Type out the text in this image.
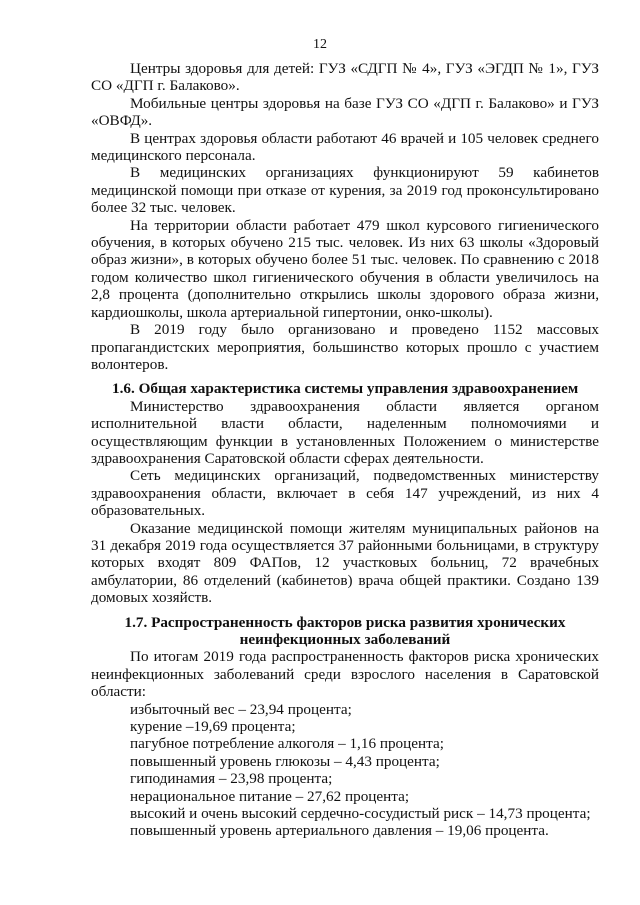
12

Центры здоровья для детей: ГУЗ «СДГП № 4», ГУЗ «ЭГДП № 1», ГУЗ СО «ДГП г. Балаково».

Мобильные центры здоровья на базе ГУЗ СО «ДГП г. Балаково» и ГУЗ «ОВФД».

В центрах здоровья области работают 46 врачей и 105 человек среднего медицинского персонала.

В медицинских организациях функционируют 59 кабинетов медицинской помощи при отказе от курения, за 2019 год проконсультировано более 32 тыс. человек.

На территории области работает 479 школ курсового гигиенического обучения, в которых обучено 215 тыс. человек. Из них 63 школы «Здоровый образ жизни», в которых обучено более 51 тыс. человек. По сравнению с 2018 годом количество школ гигиенического обучения в области увеличилось на 2,8 процента (дополнительно открылись школы здорового образа жизни, кардиошколы, школа артериальной гипертонии, онко-школы).

В 2019 году было организовано и проведено 1152 массовых пропагандистских мероприятия, большинство которых прошло с участием волонтеров.

1.6. Общая характеристика системы управления здравоохранением

Министерство здравоохранения области является органом исполнительной власти области, наделенным полномочиями и осуществляющим функции в установленных Положением о министерстве здравоохранения Саратовской области сферах деятельности.

Сеть медицинских организаций, подведомственных министерству здравоохранения области, включает в себя 147 учреждений, из них 4 образовательных.

Оказание медицинской помощи жителям муниципальных районов на 31 декабря 2019 года осуществляется 37 районными больницами, в структуру которых входят 809 ФАПов, 12 участковых больниц, 72 врачебных амбулатории, 86 отделений (кабинетов) врача общей практики. Создано 139 домовых хозяйств.

1.7. Распространенность факторов риска развития хронических
неинфекционных заболеваний

По итогам 2019 года распространенность факторов риска хронических неинфекционных заболеваний среди взрослого населения в Саратовской области:

избыточный вес – 23,94 процента;

курение –19,69 процента;

пагубное потребление алкоголя – 1,16 процента;

повышенный уровень глюкозы – 4,43 процента;

гиподинамия – 23,98 процента;

нерациональное питание – 27,62 процента;

высокий и очень высокий сердечно-сосудистый риск – 14,73 процента;

повышенный уровень артериального давления – 19,06 процента.
